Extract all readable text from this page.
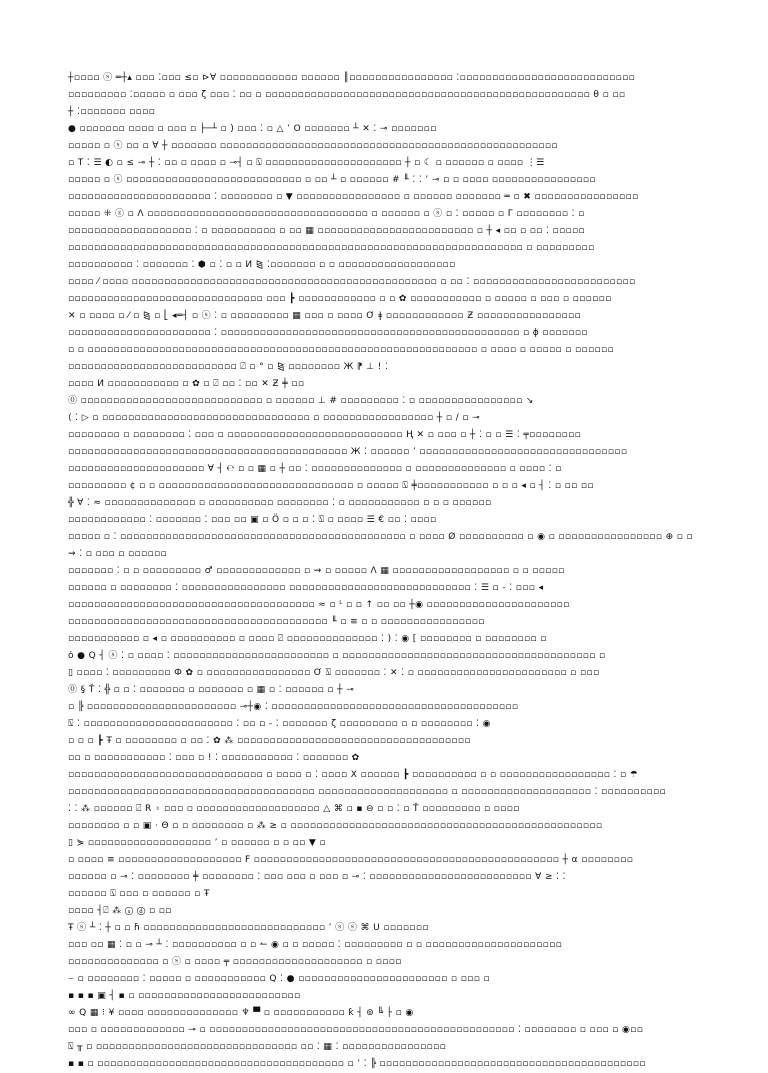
┼▫▫▫▫ ⓢ ═┼▴ ▫▫▫ ⁚▫▫▫ ≤▫ ⊳∀ ▫▫▫▫▫▫▫▫▫▫▫▫ ▫▫▫▫▫▫ ║▫▫▫▫▫▫▫▫▫▫▫▫▫▫▫▫ ⁚▫▫▫▫▫▫▫▫▫▫▫▫▫▫▫▫▫▫▫▫▫▫▫▫▫▫▫
▫▫▫▫▫▫▫▫▫ ⁚▫▫▫▫▫ ▫ ▫▫▫ ζ ▫▫▫ ⁚ ▫▫ ▫ ▫▫▫▫▫▫▫▫▫▫▫▫▫▫▫▫▫▫▫▫▫▫▫▫▫▫▫▫▫▫▫▫▫▫▫▫▫▫▫▫▫▫▫▫▫▫▫▫▫▫ θ ▫ ▫▫
┼ ⁚▫▫▫▫▫▫▫ ▫▫▫▫
● ▫▫▫▫▫▫▫ ▫▫▫▫ ▫ ▫▫▫ ▫ ├─┴ ▫ ) ▫▫▫ ⁚ ▫ △ ʼ O ▫▫▫▫▫▫▫ ┴ ✕ ⁚ ⊸ ▫▫▫▫▫▫▫
▫▫▫▫▫ ▫ ⓢ ▫▫ ▫ ∀ ┼ ▫▫▫▫▫▫▫ ▫▫▫▫▫▫▫▫▫▫▫▫▫▫▫▫▫▫▫▫▫▫▫▫▫▫▫▫▫▫▫▫▫▫▫▫▫▫▫▫▫▫▫▫▫▫▫▫▫▫▫▫
▫ T ⁚ ☰ ◐ ▫ ≤ ⊸ ┼ ⁚ ▫▫ ▫ ▫▫▫▫ ▫ ⊸┤ ▫ ⍂ ▫▫▫▫▫▫▫▫▫▫▫▫▫▫▫▫▫▫▫▫▫ ┼ ▫ ☾ ▫ ▫▫▫▫▫▫ ▫ ▫▫▫▫ ⋮☰
▫▫▫▫▫ ▫ ⓢ ▫▫▫▫▫▫▫▫▫▫▫▫▫▫▫▫▫▫▫▫▫▫▫▫▫▫▫ ▫ ▫▫ ┴ ▫ ▫▫▫▫▫▫ # ╙ ⁚ ⁚ ʼ ⊸ ▫ ▫ ▫▫▫▫ ▫▫▫▫▫▫▫▫▫▫▫▫▫▫▫▫
▫▫▫▫▫▫▫▫▫▫▫▫▫▫▫▫▫▫▫▫▫▫ ⁚ ▫▫▫▫▫▫▫▫ ▫ ▼ ▫▫▫▫▫▫▫▫▫▫▫▫▫▫▫▫ ▫ ▫▫▫▫▫▫ ▫▫▫▫▫▫▫ ═ ▫ ✖ ▫▫▫▫▫▫▫▫▫▫▫▫▫▫▫▫
▫▫▫▫▫ ⁜ ⓩ ▫ Λ ▫▫▫▫▫▫▫▫▫▫▫▫▫▫▫▫▫▫▫▫▫▫▫▫▫▫▫▫▫▫▫▫▫▫ ▫ ▫▫▫▫▫▫ ▫ ⓢ ▫ ⁚ ▫▫▫▫▫ ▫ Γ ▫▫▫▫▫▫▫▫ ⁚ ▫
▫▫▫▫▫▫▫▫▫▫▫▫▫▫▫▫▫▫▫ ⁚ ▫ ▫▫▫▫▫▫▫▫▫▫ ▫ ▫▫ ▦ ▫▫▫▫▫▫▫▫▫▫▫▫▫▫▫▫▫▫▫▫▫▫▫▫ ▫ ┼ ◂ ▫▫ ▫ ▫▫ ⁚ ▫▫▫▫▫
▫▫▫▫▫▫▫▫▫▫▫▫▫▫▫▫▫▫▫▫▫▫▫▫▫▫▫▫▫▫▫▫▫▫▫▫▫▫▫▫▫▫▫▫▫▫▫▫▫▫▫▫▫▫▫▫▫▫▫▫▫▫▫▫▫▫▫▫▫▫ ▫ ▫▫▫▫▫▫▫▫▫
▫▫▫▫▫▫▫▫▫▫ ⁚ ▫▫▫▫▫▫▫ ⁚ ⬢ ▫ ⁚ ▫ ▫ И ⧎ ⁚▫▫▫▫▫▫▫ ▫ ▫ ▫▫▫▫▫▫▫▫▫▫▫▫▫▫▫▫▫▫
▫▫▫▫ ⁄ ▫▫▫▫ ▫▫▫▫▫▫▫▫▫▫▫▫▫▫▫▫▫▫▫▫▫▫▫▫▫▫▫▫▫▫▫▫▫▫▫▫▫▫▫▫▫▫▫▫▫▫▫ ▫ ▫▫ ⁚ ▫▫▫▫▫▫▫▫▫▫▫▫▫▫▫▫▫▫▫▫▫▫▫▫▫
▫▫▫▫▫▫▫▫▫▫▫▫▫▫▫▫▫▫▫▫▫▫▫▫▫▫▫▫▫▫ ▫▫▫ ┣ ▫▫▫▫▫▫▫▫▫▫▫▫ ▫ ▫ ✿ ▫▫▫▫▫▫▫▫▫▫▫ ▫ ▫▫▫▫▫ ▫ ▫▫▫ ▫ ▫▫▫▫▫▫
✕ ▫ ▫▫▫▫ ▫ ⁄ ▫ ⧎ ▫ ⎣ ◂═┤ ▫ ⓢ ⁚ ▫ ▫▫▫▫▫▫▫▫▫ ▦ ▫▫▫ ▫ ▫▫▫▫ Ơ ǂ ▫▫▫▫▫▫▫▫▫▫▫▫ Ƶ ▫▫▫▫▫▫▫▫▫▫▫▫▫▫▫▫
▫▫▫▫▫▫▫▫▫▫▫▫▫▫▫▫▫▫▫▫▫▫ ⁚ ▫▫▫▫▫▫▫▫▫▫▫▫▫▫▫▫▫▫▫▫▫▫▫▫▫▫▫▫▫▫▫▫▫▫▫▫▫▫▫▫▫▫▫▫▫▫ ▫ ϕ ▫▫▫▫▫▫▫
▫ ▫ ▫▫▫▫▫▫▫▫▫▫▫▫▫▫▫▫▫▫▫▫▫▫▫▫▫▫▫▫▫▫▫▫▫▫▫▫▫▫▫▫▫▫▫▫▫▫▫▫▫▫▫▫▫▫▫▫▫▫▫▫ ▫ ▫▫▫▫ ▫ ▫▫▫▫▫ ▫ ▫▫▫▫▫▫
▫▫▫▫▫▫▫▫▫▫▫▫▫▫▫▫▫▫▫▫▫▫▫▫▫▫ ⍁ ▫ ° ▫ ⧎ ▫▫▫▫▫▫▫▫ Ж ⁋ ⊥ ! ⁚
▫▫▫▫ И ▫▫▫▫▫▫▫▫▫▫▫ ▫ ✿ ▫ ⍁ ▫▫ ⁚ ▫▫ ✕ Ƶ ╪ ▫▫
⓪ ▫▫▫▫▫▫▫▫▫▫▫▫▫▫▫▫▫▫▫▫▫▫▫▫▫▫▫▫ ▫ ▫▫▫▫▫▫ ⊥ # ▫▫▫▫▫▫▫▫▫ ⁚ ▫ ▫▫▫▫▫▫▫▫▫▫▫▫▫▫▫▫ ↘
⟨ ⁚ ▷ ▫ ▫▫▫▫▫▫▫▫▫▫▫▫▫▫▫▫▫▫▫▫▫▫▫▫▫▫▫▫▫▫▫▫ ▫ ▫▫▫▫▫▫▫▫▫▫▫▫▫▫▫▫▫ ┼ ▫ / ▫ ⊸
▫▫▫▫▫▫▫▫ ▫ ▫▫▫▫▫▫▫▫ ⁚ ▫▫▫ ▫ ▫▫▫▫▫▫▫▫▫▫▫▫▫▫▫▫▫▫▫▫▫▫▫▫▫▫▫ Ⱨ ✕ ▫ ▫▫▫ ▫ ┼ ⁚ ▫ ▫ ☰ ⁚ ╤▫▫▫▫▫▫▫▫
▫▫▫▫▫▫▫▫▫▫▫▫▫▫▫▫▫▫▫▫▫▫▫▫▫▫▫▫▫▫▫▫▫▫▫▫▫▫▫▫▫▫▫ Ж ⁚ ▫▫▫▫▫▫ ʼ ▫▫▫▫▫▫▫▫▫▫▫▫▫▫▫▫▫▫▫▫▫▫▫▫▫▫▫▫▫▫▫▫
▫▫▫▫▫▫▫▫▫▫▫▫▫▫▫▫▫▫▫▫▫ ∀ ┤ ℮ ▫ ▫ ▦ ▫ ┼ ▫▫ ⁚ ▫▫▫▫▫▫▫▫▫▫▫▫▫▫ ▫ ▫▫▫▫▫▫▫▫▫▫▫▫▫▫ ▫ ▫▫▫▫ ⁚ ▫
▫▫▫▫▫▫▫▫▫ ¢ ▫ ▫ ▫▫▫▫▫▫▫▫▫▫▫▫▫▫▫▫▫▫▫▫▫▫▫▫▫▫▫▫▫▫ ▫ ▫▫▫▫▫ ⍂ ╪▫▫▫▫▫▫▫▫▫▫▫ ▫ ▫ ▫ ◂ ▫ ┤ ⁚ ▫ ▫▫ ▫▫
╬ ∀ ⁚ ≈ ▫▫▫▫▫▫▫▫▫▫▫▫▫▫ ▫ ▫▫▫▫▫▫▫▫▫▫ ▫▫▫▫▫▫▫▫ ⁚ ▫ ▫▫▫▫▫▫▫▫▫▫▫ ▫ ▫ ▫ ▫▫▫▫▫▫
▫▫▫▫▫▫▫▫▫▫▫▫ ⁚ ▫▫▫▫▫▫▫ ⁚ ▫▫▫ ▫▫ ▣ ▫ Ö ▫ ▫ ▫ ⁚ ⍂ ▫ ▫▫▫▫ ☰ € ▫▫ ⁚ ▫▫▫▫
▫▫▫▫▫ ▫ ⁚ ▫▫▫▫▫▫▫▫▫▫▫▫▫▫▫▫▫▫▫▫▫▫▫▫▫▫▫▫▫▫▫▫▫▫▫▫▫▫▫▫▫▫▫▫ ▫ ▫▫▫▫ Ø ▫▫▫▫▫▫▫▫▫▫ ▫ ◉ ▫ ▫▫▫▫▫▫▫▫▫▫▫▫▫▫▫▫ ⊕ ▫ ▫
⇝ ⁚ ▫ ▫▫▫ ▫ ▫▫▫▫▫▫
▫▫▫▫▫▫▫ ⁚ ▫ ▫ ▫▫▫▫▫▫▫▫▫ ♂ ▫▫▫▫▫▫▫▫▫▫▫▫▫ ▫ ⇝ ▫ ▫▫▫▫▫ Λ ▦ ▫▫▫▫▫▫▫▫▫▫▫▫▫▫▫▫▫▫ ▫ ▫ ▫▫▫▫▫
▫▫▫▫▫▫ ▫ ▫▫▫▫▫▫▫▫ ⁚ ▫▫▫▫▫▫▫▫▫▫▫▫▫▫▫▫ ▫▫▫▫▫▫▫▫▫▫▫▫▫▫▫▫▫▫▫▫▫▫▫▫▫▫▫▫ ⁚ ☰ ▫ - ⁚ ▫▫▫ ◂
▫▫▫▫▫▫▫▫▫▫▫▫▫▫▫▫▫▫▫▫▫▫▫▫▫▫▫▫▫▫▫▫▫▫▫▫▫▫ ≈ ▫ ᴸ ▫ ▫ ↑ ▫▫ ▫▫ ┼◉ ▫▫▫▫▫▫▫▫▫▫▫▫▫▫▫▫▫▫▫▫▫▫
▫▫▫▫▫▫▫▫▫▫▫▫▫▫▫▫▫▫▫▫▫▫▫▫▫▫▫▫▫▫▫▫▫▫▫▫▫▫▫▫ ╙ ▫ ≡ ▫ ▫ ▫▫▫▫▫▫▫▫▫▫▫▫▫▫▫▫
▫▫▫▫▫▫▫▫▫▫▫ ▫ ◂ ▫ ▫▫▫▫▫▫▫▫▫▫ ▫ ▫▫▫▫ ⍁ ▫▫▫▫▫▫▫▫▫▫▫▫▫▫ ⁚ ) ⁚ ◉ [ ▫▫▫▫▫▫▫▫ ▫ ▫▫▫▫▫▫▫▫ ▫
ὀ ● Q ┤ ⓢ ⁚ ▫ ▫▫▫▫ ⁚ ▫▫▫▫▫▫▫▫▫▫▫▫▫▫▫▫▫▫▫▫▫▫▫▫ ▫ ▫▫▫▫▫▫▫▫▫▫▫▫▫▫▫▫▫▫▫▫▫▫▫▫▫▫▫▫▫▫▫▫▫▫▫▫▫▫▫ ▫
▯ ▫▫▫▫ ⁚ ▫▫▫▫▫▫▫▫▫ Ф ✿ ▫ ▫▫▫▫▫▫▫▫▫▫▫▫▫▫▫▫ Ơ ⍂ ▫▫▫▫▫▫▫ ⁚ ✕ ⁚ ▫ ▫▫▫▫▫▫▫▫▫▫▫▫▫▫▫▫▫▫▫▫▫▫▫ ▫ ▫▫▫
⓪ § Ť ⁚ ╬ ▫ ▫ ⁚ ▫▫▫▫▫▫▫ ▫ ▫▫▫▫▫▫▫ ▫ ▦ ▫ ⁚ ▫▫▫▫▫▫ ▫ ┼ ⊸
▫ ╠ ▫▫▫▫▫▫▫▫▫▫▫▫▫▫▫▫▫▫▫▫▫▫▫ ⊸┼◉ ⁚ ▫▫▫▫▫▫▫▫▫▫▫▫▫▫▫▫▫▫▫▫▫▫▫▫▫▫▫▫▫▫▫▫▫▫▫▫▫▫
⍂ ⁚ ▫▫▫▫▫▫▫▫▫▫▫▫▫▫▫▫▫▫▫▫▫▫▫ ⁚ ▫▫ ▫ - ⁚ ▫▫▫▫▫▫▫ ζ ▫▫▫▫▫▫▫▫▫ ▫ ▫ ▫▫▫▫▫▫▫▫ ⁚ ◉
▫ ▫ ▫ ┣ Ŧ ▫ ▫▫▫▫▫▫▫▫ ▫ ▫▫ ⁚ ✿ ⁂ ▫▫▫▫▫▫▫▫▫▫▫▫▫▫▫▫▫▫▫▫▫▫▫▫▫▫▫▫▫▫▫▫▫▫▫▫
▫▫ ▫ ▫▫▫▫▫▫▫▫▫▫▫ ⁚ ▫▫▫ ▫ ! ⁚ ▫▫▫▫▫▫▫▫▫▫▫ ⁚ ▫▫▫▫▫▫▫ ✿
▫▫▫▫▫▫▫▫▫▫▫▫▫▫▫▫▫▫▫▫▫▫▫▫▫▫▫▫▫▫ ▫ ▫▫▫▫ ▫ ⁚ ▫▫▫▫ X ▫▫▫▫▫▫ ┣ ▫▫▫▫▫▫▫▫▫▫ ▫ ▫ ▫▫▫▫▫▫▫▫▫▫▫▫▫▫▫▫▫ ⁚ ▫ ☂
▫▫▫▫▫▫▫▫▫▫▫▫▫▫▫▫▫▫▫▫▫▫▫▫▫▫▫▫▫▫▫▫▫▫▫▫▫▫ ▫▫▫▫▫▫▫▫▫▫▫▫▫▫▫▫▫▫▫▫ ▫ ▫▫▫▫▫▫▫▫▫▫▫▫▫▫▫▫▫▫▫▫ ⁚ ▫▫▫▫▫▫▫▫▫▫
⁚ ⁚ ⁂ ▫▫▫▫▫▫ ⍁ R ⍤ ▫▫▫ ▫ ▫▫▫▫▫▫▫▫▫▫▫▫▫▫▫▫▫▫▫ △ ⌘ ▫ ▪ ⊖ ▫ ▫ ⁚ ▫ Ť ▫▫▫▫▫▫▫▫▫ ▫ ▫▫▫▫
▫▫▫▫▫▫▫▫ ▫ ▫ ▣ · Θ ▫ ▫ ▫▫▫▫▫▫▫▫ ▫ ⁂ ≥ ▫ ▫▫▫▫▫▫▫▫▫▫▫▫▫▫▫▫▫▫▫▫▫▫▫▫▫▫▫▫▫▫▫▫▫▫▫▫▫▫▫▫▫▫▫▫▫▫▫▫
▯ ⋟ ▫▫▫▫▫▫▫▫▫▫▫▫▫▫▫▫▫▫▫ ʼ ▫ ▫▫▫▫▫▫ ▫ ▫ ▫▫ ▼ ▫
▫ ▫▫▫▫ ≡ ▫▫▫▫▫▫▫▫▫▫▫▫▫▫▫▫▫▫▫ Ϝ ▫▫▫▫▫▫▫▫▫▫▫▫▫▫▫▫▫▫▫▫▫▫▫▫▫▫▫▫▫▫▫▫▫▫▫▫▫▫▫▫▫▫▫▫▫▫▫ ┼ α ▫▫▫▫▫▫▫▫
▫▫▫▫▫▫ ▫ ⊸ ⁚ ▫▫▫▫▫▫▫▫ ╪ ▫▫▫▫▫▫▫▫ ⁚ ▫▫▫ ▫▫▫ ▫ ▫▫▫ ▫ ⊸ ⁚ ▫▫▫▫▫▫▫▫▫▫▫▫▫▫▫▫▫▫▫▫▫▫▫▫▫ ∀ ≥ ⁚ ⁚
▫▫▫▫▫▫ ⍂ ▫▫▫ ▫ ▫▫▫▫▫▫ ▫ Ŧ
▫▫▫▫ ┤⍁ ⁂ ⓢ ⓓ ▫ ▫▫
Ŧ ⓢ ┴ ⁚ ┼ ▫ ▫ ɦ ▫▫▫▫▫▫▫▫▫▫▫▫▫▫▫▫▫▫▫▫▫▫▫▫▫▫▫▫ ʼ ⓢ ⓢ ⌘ U ▫▫▫▫▫▫▫
▫▫▫ ▫▫ ▦ ⁚ ▫ ▫ ⊸ ┴ ⁚ ▫▫▫▫▫▫▫▫▫▫ ▫ ▫ ↼ ◉ ▫ ▫ ▫▫▫▫▫ ⁚ ▫▫▫▫▫▫▫▫▫ ▫ ▫ ▫▫▫▫▫▫▫▫▫▫▫▫▫▫▫▫▫▫▫▫▫
▫▫▫▫▫▫▫▫▫▫▫▫▫▫ ▫ ⓢ ▫ ▫▫▫▫ ╤ ▫▫▫▫▫▫▫▫▫▫▫▫▫▫▫▫▫▫▫▫ ▫ ▫▫▫▫
⌣ ▫ ▫▫▫▫▫▫▫▫ ⁚ ▫▫▫▫▫ ▫ ▫▫▫▫▫▫▫▫▫▫▫ Q ⁚ ● ▫▫▫▫▫▫▫▫▫▫▫▫▫▫▫▫▫▫▫▫▫▫▫ ▫ ▫▫▫ ▫
▪ ▪ ▪ ▣ ┤ ▪ ▫ ▫▫▫▫▫▫▫▫▫▫▫▫▫▫▫▫▫▫▫▫▫▫▫▫▫
∞ Q ▦ ⁝ ¥ ▫▫▫▫ ▫▫▫▫▫▫▫▫▫▫▫▫▫▫ ♆ ▀ ▫ ▫▫▫▫▫▫▫▫▫▫▫ ƙ ┤ ⊚ ╚ ├ ▫ ◉
▫▫▫ ▫ ▫▫▫▫▫▫▫▫▫▫▫▫▫ ⊸ ▫ ▫▫▫▫▫▫▫▫▫▫▫▫▫▫▫▫▫▫▫▫▫▫▫▫▫▫▫▫▫▫▫▫▫▫▫▫▫▫▫▫▫▫▫▫▫▫▫ ⁚ ▫▫▫▫▫▫▫▫ ▫ ▫▫▫ ▫ ◉▫▫
⍂ ╥ ▫ ▫▫▫▫▫▫▫▫▫▫▫▫▫▫▫▫▫▫▫▫▫▫▫▫▫▫▫▫▫▫▫ ▫▫ ⁚ ▦ ⁚ ▫▫▫▫▫▫▫▫▫▫▫▫▫▫▫▫
▪ ▪ ▫ ▫▫▫▫▫▫▫▫▫▫▫▫▫▫▫▫▫▫▫▫▫▫▫▫▫▫▫▫▫▫▫▫▫▫▫▫▫▫ ▫ ʼ ⁚ ╠ ▫▫▫▫▫▫▫▫▫▫▫▫▫▫▫▫▫▫▫▫▫▫▫▫▫▫▫▫▫▫▫▫▫▫▫▫▫▫▫▫▫
